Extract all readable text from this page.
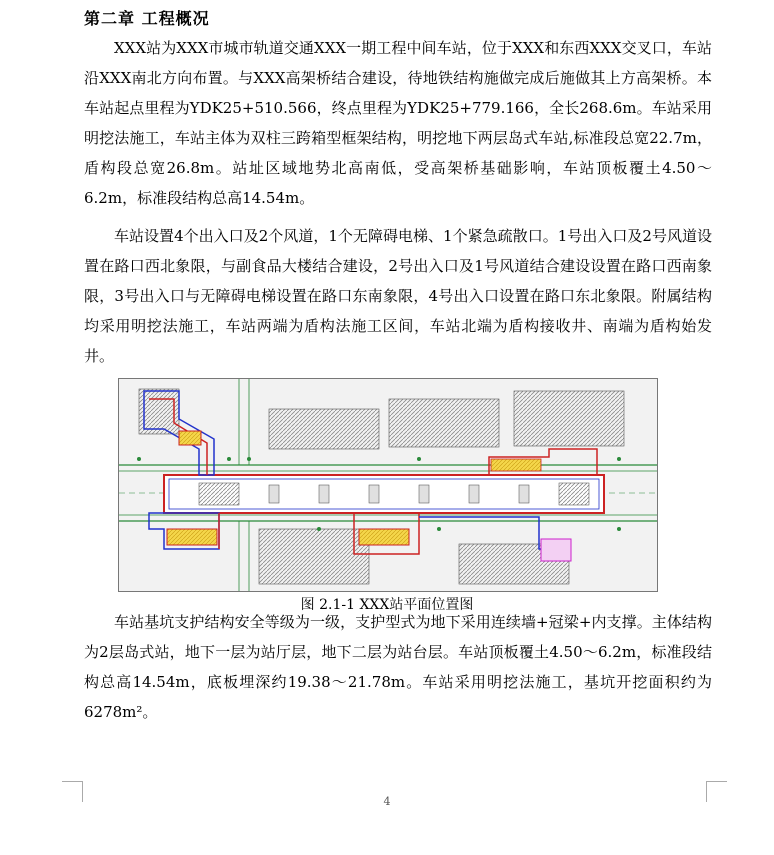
第二章 工程概况

XXX站为XXX市城市轨道交通XXX一期工程中间车站，位于XXX和东西XXX交叉口，车站沿XXX南北方向布置。与XXX高架桥结合建设，待地铁结构施做完成后施做其上方高架桥。本车站起点里程为YDK25+510.566，终点里程为YDK25+779.166，全长268.6m。车站采用明挖法施工，车站主体为双柱三跨箱型框架结构，明挖地下两层岛式车站,标准段总宽22.7m，盾构段总宽26.8m。站址区域地势北高南低，受高架桥基础影响，车站顶板覆土4.50～6.2m，标准段结构总高14.54m。

车站设置4个出入口及2个风道，1个无障碍电梯、1个紧急疏散口。1号出入口及2号风道设置在路口西北象限，与副食品大楼结合建设，2号出入口及1号风道结合建设设置在路口西南象限，3号出入口与无障碍电梯设置在路口东南象限，4号出入口设置在路口东北象限。附属结构均采用明挖法施工，车站两端为盾构法施工区间，车站北端为盾构接收井、南端为盾构始发井。

图 2.1-1 XXX站平面位置图

车站基坑支护结构安全等级为一级，支护型式为地下采用连续墙+冠梁+内支撑。主体结构为2层岛式站，地下一层为站厅层，地下二层为站台层。车站顶板覆土4.50～6.2m，标准段结构总高14.54m，底板埋深约19.38～21.78m。车站采用明挖法施工，基坑开挖面积约为6278m²。

4
